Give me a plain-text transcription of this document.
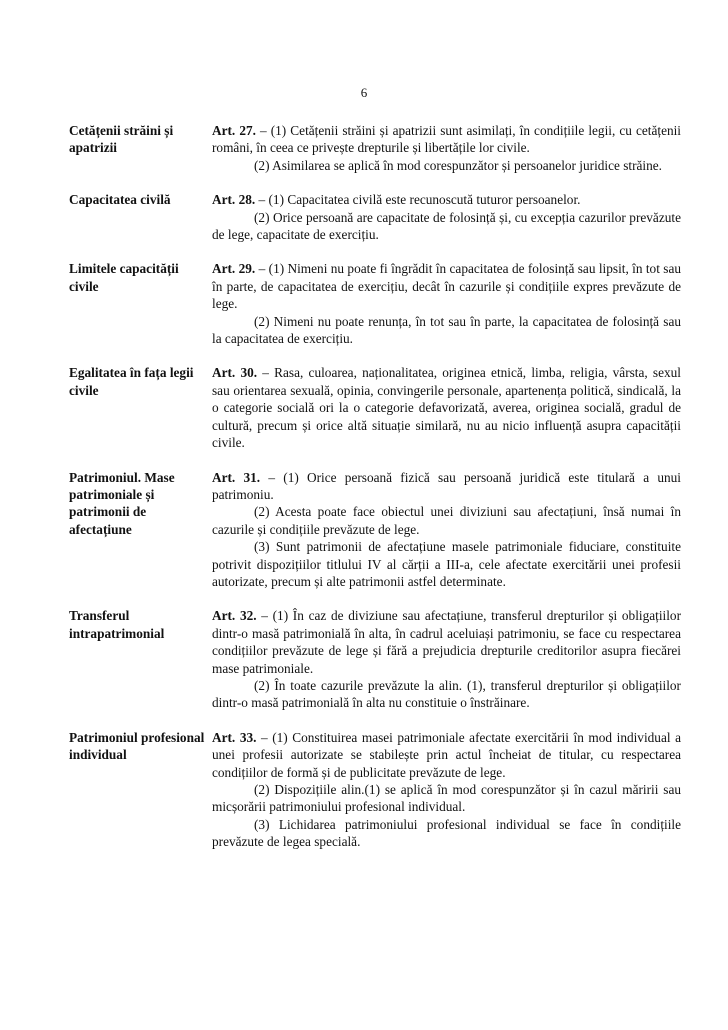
6
Cetățenii străini și apatrizii

Art. 27. – (1) Cetățenii străini și apatrizii sunt asimilați, în condițiile legii, cu cetățenii români, în ceea ce privește drepturile și libertățile lor civile.

(2) Asimilarea se aplică în mod corespunzător și persoanelor juridice străine.

Capacitatea civilă	Art. 28. – (1) Capacitatea civilă este recunoscută tuturor persoanelor.

(2) Orice persoană are capacitate de folosință și, cu excepția cazurilor prevăzute de lege, capacitate de exercițiu.

Limitele capacității civile

Art. 29. – (1) Nimeni nu poate fi îngrădit în capacitatea de folosință sau lipsit, în tot sau în parte, de capacitatea de exercițiu, decât în cazurile și condițiile expres prevăzute de lege.

(2) Nimeni nu poate renunța, în tot sau în parte, la capacitatea de folosință sau la capacitatea de exercițiu.

Egalitatea în fața legii civile

Art. 30. – Rasa, culoarea, naționalitatea, originea etnică, limba, religia, vârsta, sexul sau orientarea sexuală, opinia, convingerile personale, apartenența politică, sindicală, la o categorie socială ori la o categorie defavorizată, averea, originea socială, gradul de cultură, precum și orice altă situație similară, nu au nicio influență asupra capacității civile.

Patrimoniul. Mase patrimoniale și patrimonii de afectațiune

Art. 31. – (1) Orice persoană fizică sau persoană juridică este titulară a unui patrimoniu.

(2) Acesta poate face obiectul unei diviziuni sau afectațiuni, însă numai în cazurile și condițiile prevăzute de lege.

(3) Sunt patrimonii de afectațiune masele patrimoniale fiduciare, constituite potrivit dispozițiilor titlului IV al cărții a III-a, cele afectate exercitării unei profesii autorizate, precum și alte patrimonii astfel determinate.

Transferul intrapatrimonial

Art. 32. – (1) În caz de diviziune sau afectațiune, transferul drepturilor și obligațiilor dintr-o masă patrimonială în alta, în cadrul aceluiași patrimoniu, se face cu respectarea condițiilor prevăzute de lege și fără a prejudicia drepturile creditorilor asupra fiecărei mase patrimoniale.

(2) În toate cazurile prevăzute la alin. (1), transferul drepturilor și obligațiilor dintr-o masă patrimonială în alta nu constituie o înstrăinare.

Patrimoniul profesional individual

Art. 33. – (1) Constituirea masei patrimoniale afectate exercitării în mod individual a unei profesii autorizate se stabilește prin actul încheiat de titular, cu respectarea condițiilor de formă și de publicitate prevăzute de lege.

(2) Dispozițiile alin.(1) se aplică în mod corespunzător și în cazul măririi sau micșorării patrimoniului profesional individual.

(3) Lichidarea patrimoniului profesional individual se face în condițiile prevăzute de legea specială.
